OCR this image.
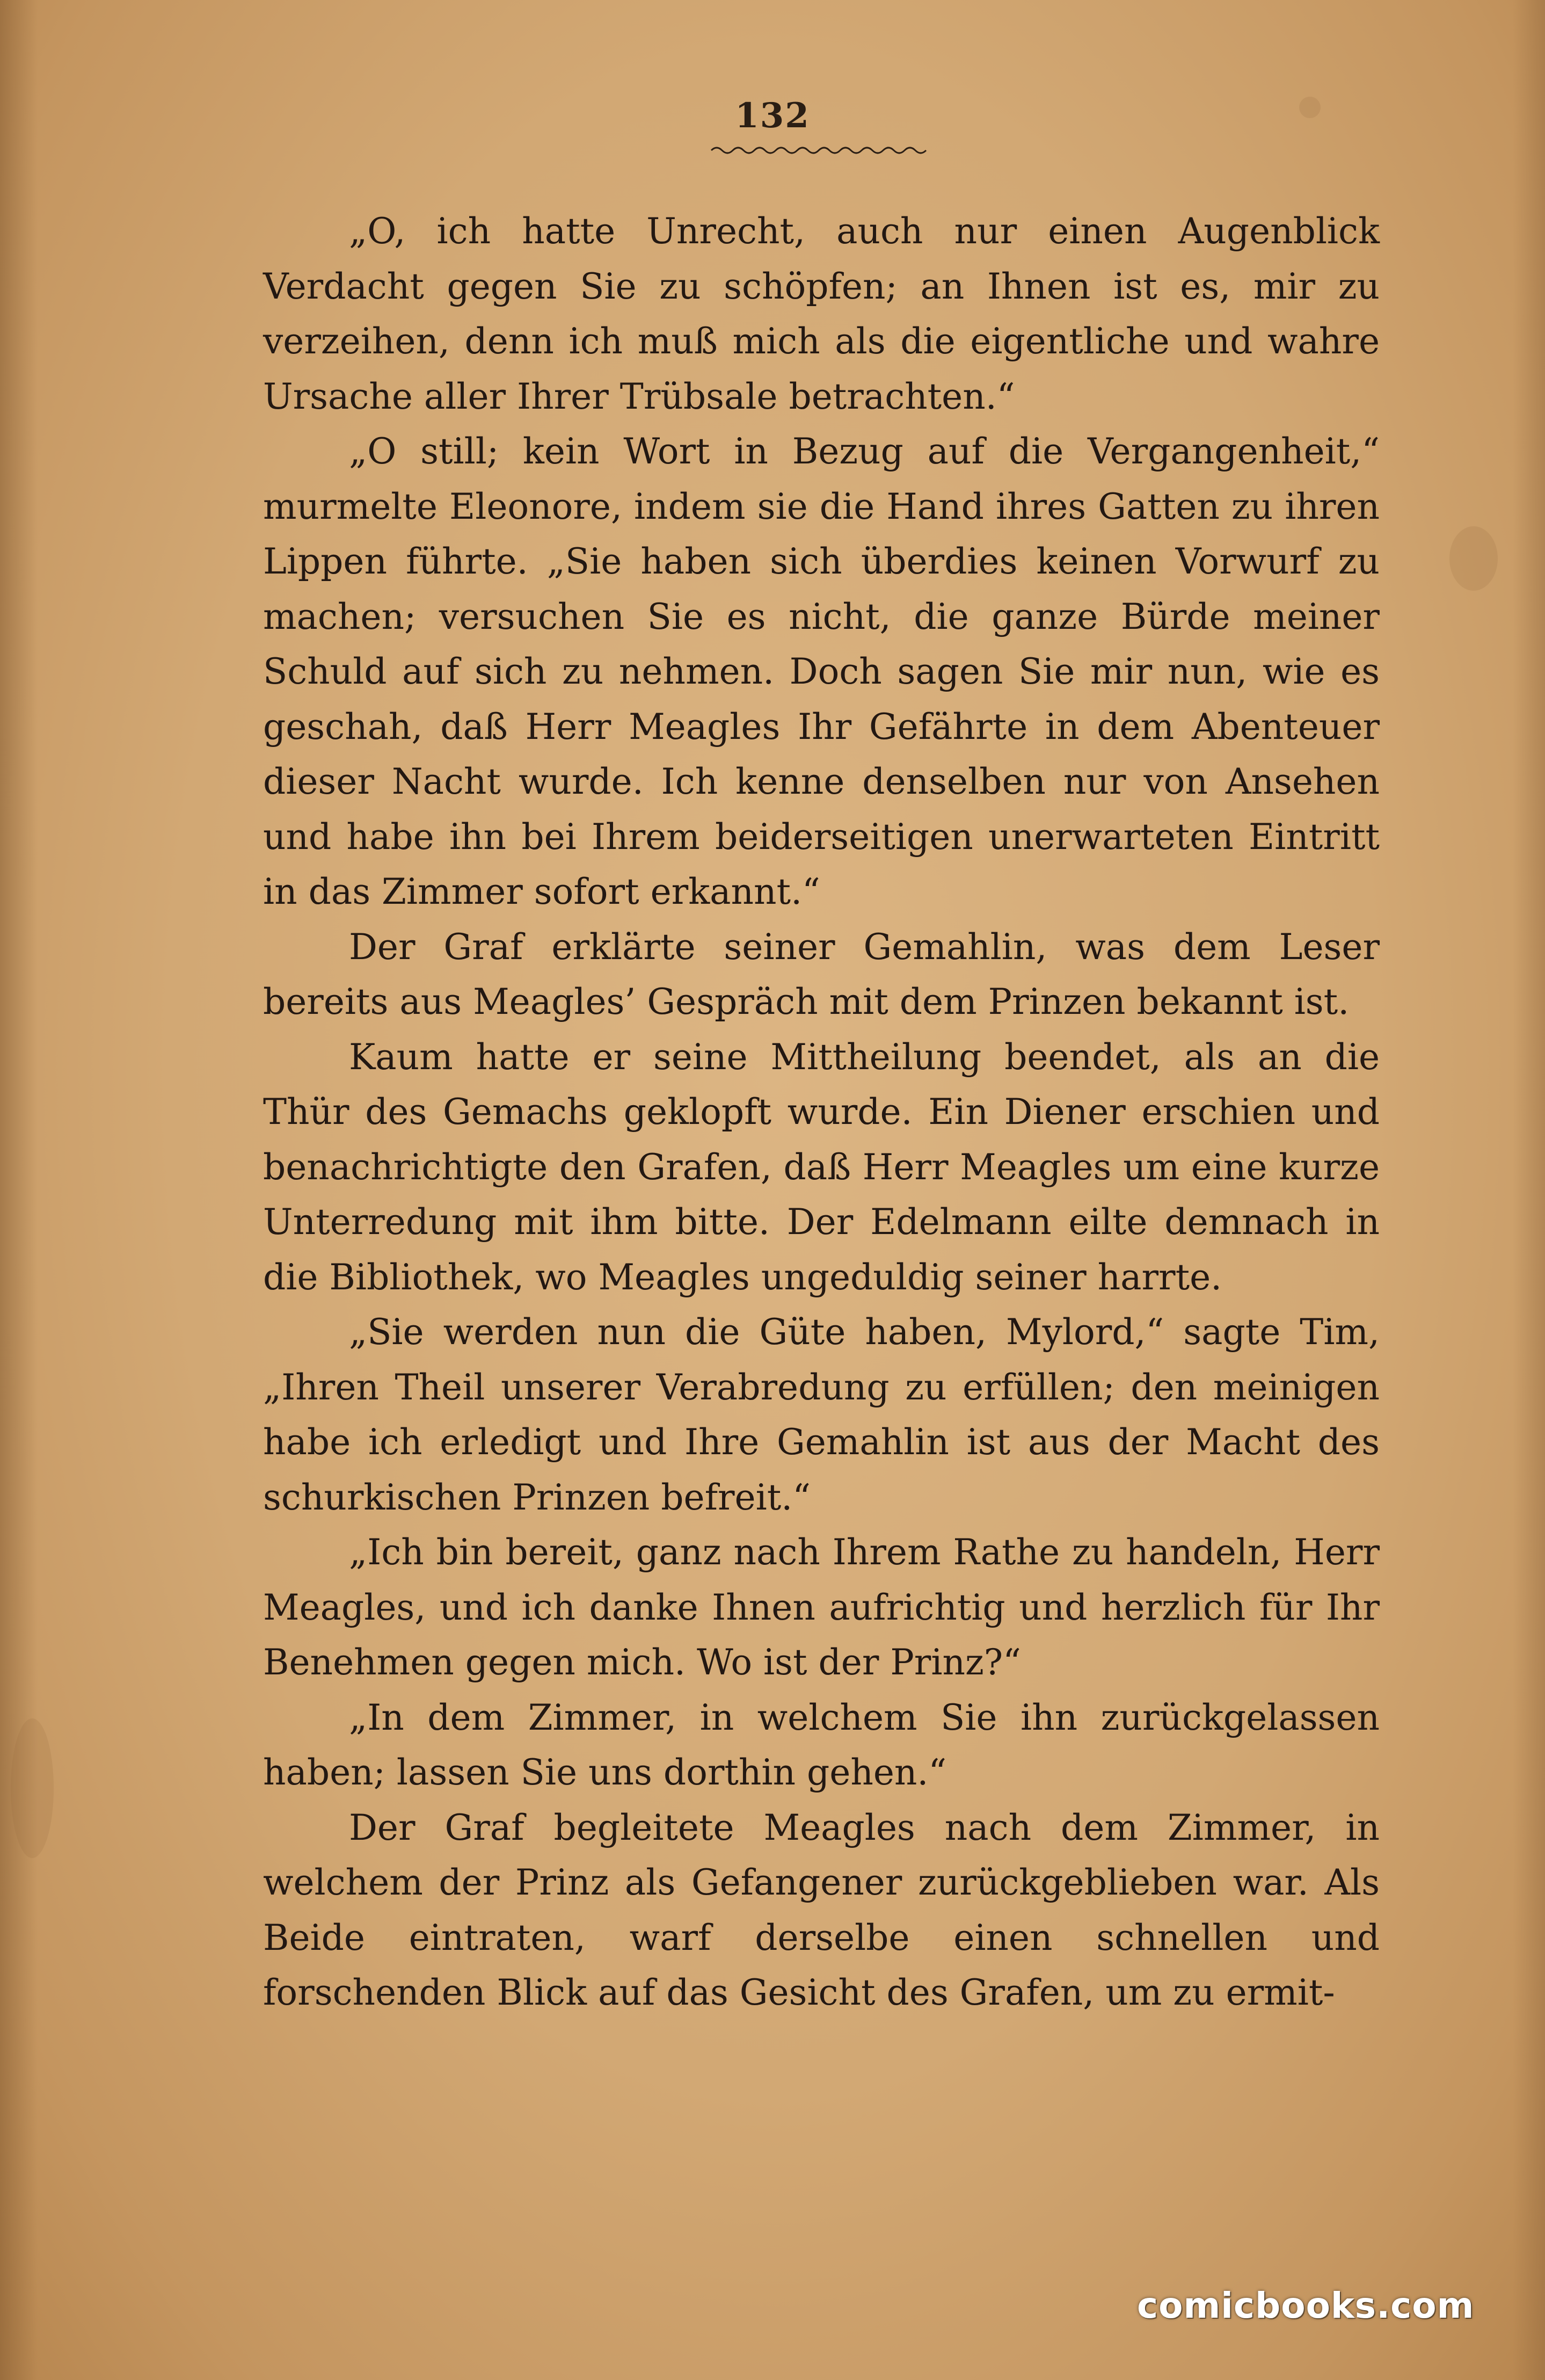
132

„O, ich hatte Unrecht, auch nur einen Augenblick Verdacht gegen Sie zu schöpfen; an Ihnen ist es, mir zu verzeihen, denn ich muß mich als die eigentliche und wahre Ursache aller Ihrer Trübsale betrachten.“

„O still; kein Wort in Bezug auf die Vergangenheit,“ murmelte Eleonore, indem sie die Hand ihres Gatten zu ihren Lippen führte. „Sie haben sich überdies keinen Vorwurf zu machen; versuchen Sie es nicht, die ganze Bürde meiner Schuld auf sich zu nehmen. Doch sagen Sie mir nun, wie es geschah, daß Herr Meagles Ihr Gefährte in dem Abenteuer dieser Nacht wurde. Ich kenne denselben nur von Ansehen und habe ihn bei Ihrem beiderseitigen unerwarteten Eintritt in das Zimmer sofort erkannt.“

Der Graf erklärte seiner Gemahlin, was dem Leser bereits aus Meagles’ Gespräch mit dem Prinzen bekannt ist.

Kaum hatte er seine Mittheilung beendet, als an die Thür des Gemachs geklopft wurde. Ein Diener erschien und benachrichtigte den Grafen, daß Herr Meagles um eine kurze Unterredung mit ihm bitte. Der Edelmann eilte demnach in die Bibliothek, wo Meagles ungeduldig seiner harrte.

„Sie werden nun die Güte haben, Mylord,“ sagte Tim, „Ihren Theil unserer Verabredung zu erfüllen; den meinigen habe ich erledigt und Ihre Gemahlin ist aus der Macht des schurkischen Prinzen befreit.“

„Ich bin bereit, ganz nach Ihrem Rathe zu handeln, Herr Meagles, und ich danke Ihnen aufrichtig und herzlich für Ihr Benehmen gegen mich. Wo ist der Prinz?“

„In dem Zimmer, in welchem Sie ihn zurückgelassen haben; lassen Sie uns dorthin gehen.“

Der Graf begleitete Meagles nach dem Zimmer, in welchem der Prinz als Gefangener zurückgeblieben war. Als Beide eintraten, warf derselbe einen schnellen und forschenden Blick auf das Gesicht des Grafen, um zu ermit-

comicbooks.com
